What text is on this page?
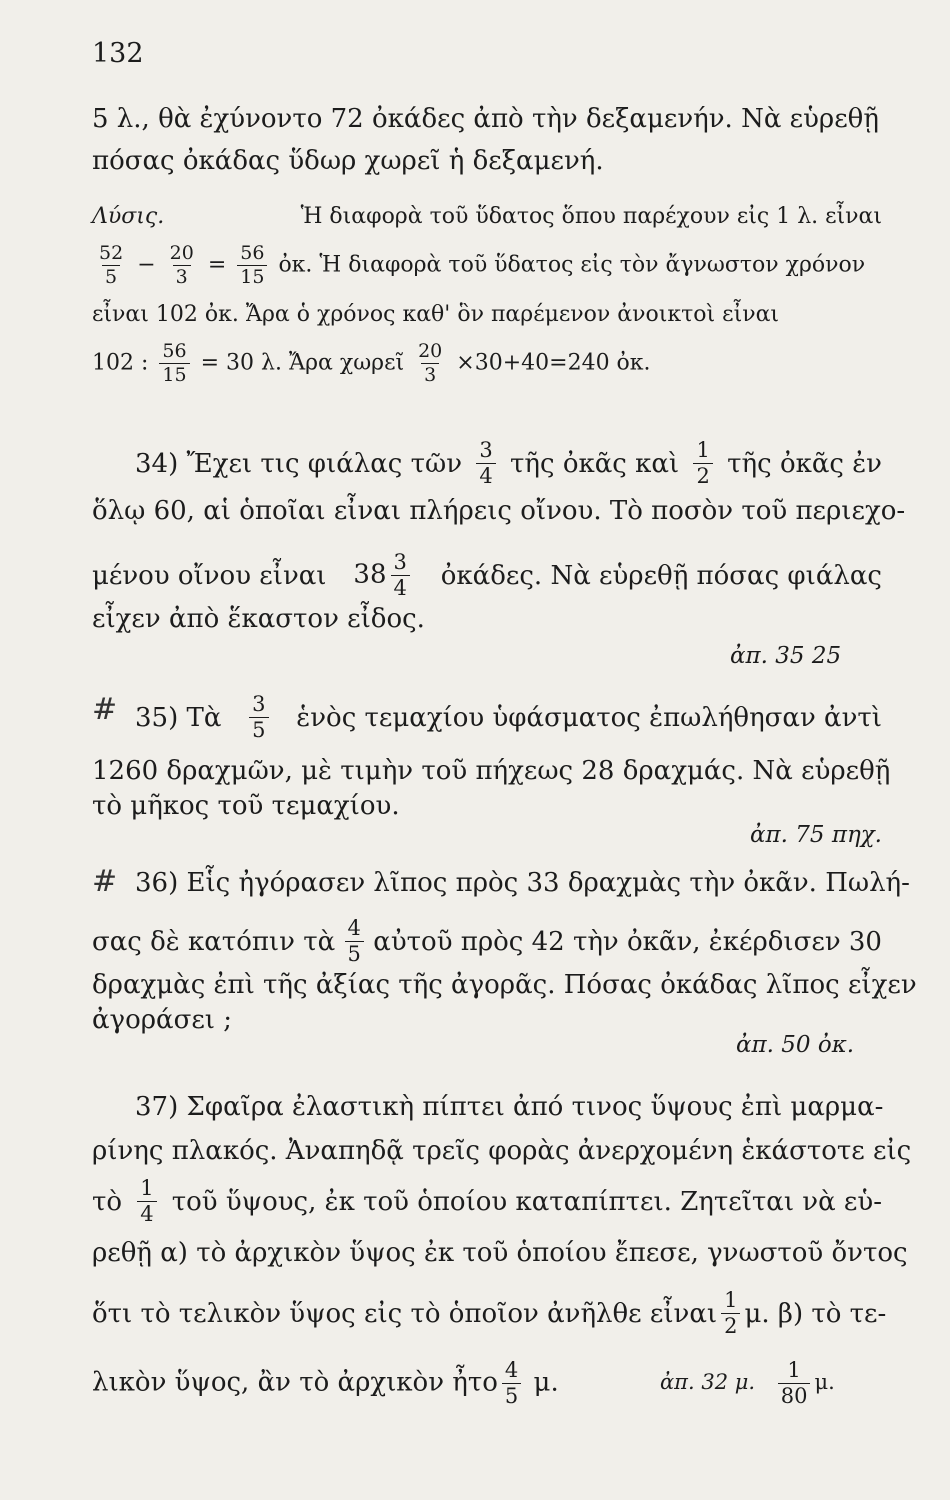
132
5 λ., θὰ ἐχύνοντο 72 ὀκάδες ἀπὸ τὴν δεξαμενήν. Νὰ εὑρεθῇ
πόσας ὀκάδας ὕδωρ χωρεῖ ἡ δεξαμενή.
Λύσις.	Ἡ διαφορὰ τοῦ ὕδατος ὅπου παρέχουν εἰς 1 λ. εἶναι
$\frac{52}{5} - \frac{20}{3} = \frac{56}{15}$ ὀκ. Ἡ διαφορὰ τοῦ ὕδατος εἰς τὸν ἄγνωστον χρόνον
εἶναι 102 ὀκ. Ἄρα ὁ χρόνος καθ' ὃν παρέμενον ἀνοικτοὶ εἶναι
102 : $\frac{56}{15} = 30$ λ. Ἄρα χωρεῖ $\frac{20}{3} \times 30+40=240$ ὀκ.
34) Ἔχει τις φιάλας τῶν $\frac{3}{4}$ τῆς ὀκᾶς καὶ $\frac{1}{2}$ τῆς ὀκᾶς ἐν
ὅλῳ 60, αἱ ὁποῖαι εἶναι πλήρεις οἴνου. Τὸ ποσὸν τοῦ περιεχο-
μένου οἴνου εἶναι $38 \frac{3}{4}$ ὀκάδες. Νὰ εὑρεθῇ πόσας φιάλας
εἶχεν ἀπὸ ἕκαστον εἶδος.
ἀπ. 35 25
# 35) Τὰ $\frac{3}{5}$ ἑνὸς τεμαχίου ὑφάσματος ἐπωλήθησαν ἀντὶ
1260 δραχμῶν, μὲ τιμὴν τοῦ πήχεως 28 δραχμάς. Νὰ εὑρεθῇ
τὸ μῆκος τοῦ τεμαχίου.
ἀπ. 75 πηχ.
# 36) Εἷς ἠγόρασεν λῖπος πρὸς 33 δραχμὰς τὴν ὀκᾶν. Πωλή-
σας δὲ κατόπιν τὰ $\frac{4}{5}$ αὐτοῦ πρὸς 42 τὴν ὀκᾶν, ἐκέρδισεν 30
δραχμὰς ἐπὶ τῆς ἀξίας τῆς ἀγορᾶς. Πόσας ὀκάδας λῖπος εἶχεν
ἀγοράσει ;
ἀπ. 50 ὀκ.
37) Σφαῖρα ἐλαστικὴ πίπτει ἀπό τινος ὕψους ἐπὶ μαρμα-
ρίνης πλακός. Ἀναπηδᾷ τρεῖς φορὰς ἀνερχομένη ἑκάστοτε εἰς
τὸ $\frac{1}{4}$ τοῦ ὕψους, ἐκ τοῦ ὁποίου καταπίπτει. Ζητεῖται νὰ εὑ-
ρεθῇ α) τὸ ἀρχικὸν ὕψος ἐκ τοῦ ὁποίου ἔπεσε, γνωστοῦ ὄντος
ὅτι τὸ τελικὸν ὕψος εἰς τὸ ὁποῖον ἀνῆλθε εἶναι $\frac{1}{2} \mu$. β) τὸ τε-
λικὸν ὕψος, ἂν τὸ ἀρχικὸν ἦτο $\frac{4}{5} \mu$.	ἀπ. 32 μ. $\frac{1}{80} \mu$.
